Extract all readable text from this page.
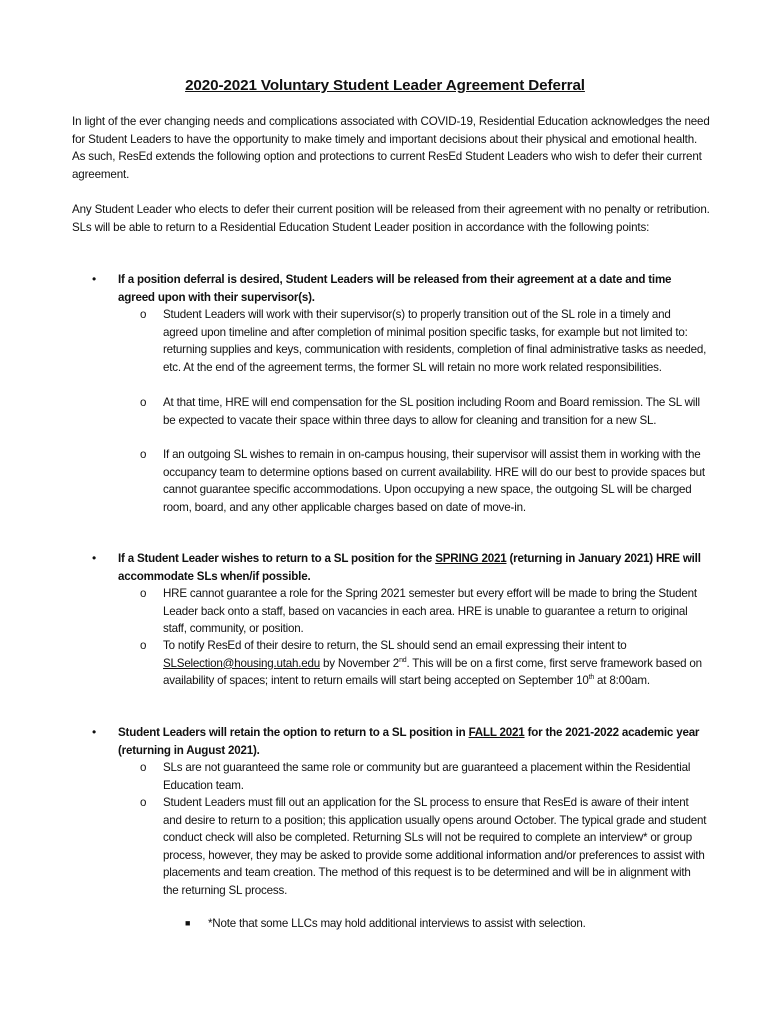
2020-2021 Voluntary Student Leader Agreement Deferral
In light of the ever changing needs and complications associated with COVID-19, Residential Education acknowledges the need for Student Leaders to have the opportunity to make timely and important decisions about their physical and emotional health. As such, ResEd extends the following option and protections to current ResEd Student Leaders who wish to defer their current agreement.
Any Student Leader who elects to defer their current position will be released from their agreement with no penalty or retribution. SLs will be able to return to a Residential Education Student Leader position in accordance with the following points:
• If a position deferral is desired, Student Leaders will be released from their agreement at a date and time agreed upon with their supervisor(s).
o Student Leaders will work with their supervisor(s) to properly transition out of the SL role in a timely and agreed upon timeline and after completion of minimal position specific tasks, for example but not limited to: returning supplies and keys, communication with residents, completion of final administrative tasks as needed, etc. At the end of the agreement terms, the former SL will retain no more work related responsibilities.
o At that time, HRE will end compensation for the SL position including Room and Board remission. The SL will be expected to vacate their space within three days to allow for cleaning and transition for a new SL.
o If an outgoing SL wishes to remain in on-campus housing, their supervisor will assist them in working with the occupancy team to determine options based on current availability. HRE will do our best to provide spaces but cannot guarantee specific accommodations. Upon occupying a new space, the outgoing SL will be charged room, board, and any other applicable charges based on date of move-in.
• If a Student Leader wishes to return to a SL position for the SPRING 2021 (returning in January 2021) HRE will accommodate SLs when/if possible.
o HRE cannot guarantee a role for the Spring 2021 semester but every effort will be made to bring the Student Leader back onto a staff, based on vacancies in each area. HRE is unable to guarantee a return to original staff, community, or position.
o To notify ResEd of their desire to return, the SL should send an email expressing their intent to SLSelection@housing.utah.edu by November 2nd. This will be on a first come, first serve framework based on availability of spaces; intent to return emails will start being accepted on September 10th at 8:00am.
• Student Leaders will retain the option to return to a SL position in FALL 2021 for the 2021-2022 academic year (returning in August 2021).
o SLs are not guaranteed the same role or community but are guaranteed a placement within the Residential Education team.
o Student Leaders must fill out an application for the SL process to ensure that ResEd is aware of their intent and desire to return to a position; this application usually opens around October. The typical grade and student conduct check will also be completed. Returning SLs will not be required to complete an interview* or group process, however, they may be asked to provide some additional information and/or preferences to assist with placements and team creation. The method of this request is to be determined and will be in alignment with the returning SL process.
■ *Note that some LLCs may hold additional interviews to assist with selection.
